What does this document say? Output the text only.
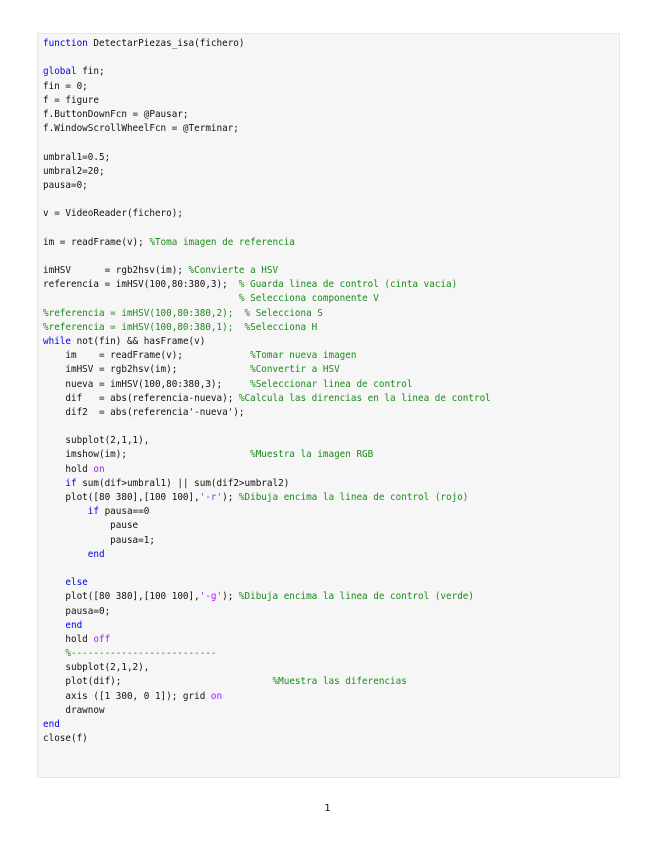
function DetectarPiezas_isa(fichero)
global fin;
fin = 0;
f = figure
f.ButtonDownFcn = @Pausar;
f.WindowScrollWheelFcn = @Terminar;
umbral1=0.5;
umbral2=20;
pausa=0;
v = VideoReader(fichero);
im = readFrame(v); %Toma imagen de referencia
imHSV      = rgb2hsv(im); %Convierte a HSV
referencia = imHSV(100,80:380,3);  % Guarda linea de control (cinta vacia)
% Selecciona componente V
%referencia = imHSV(100,80:380,2);  % Selecciona S
%referencia = imHSV(100,80:380,1);  %Selecciona H
while not(fin) && hasFrame(v)
im    = readFrame(v);            %Tomar nueva imagen
imHSV = rgb2hsv(im);             %Convertir a HSV
nueva = imHSV(100,80:380,3);     %Seleccionar linea de control
dif   = abs(referencia-nueva); %Calcula las direncias en la linea de control
dif2  = abs(referencia'-nueva');
subplot(2,1,1),
imshow(im);                      %Muestra la imagen RGB
hold on
if sum(dif>umbral1) || sum(dif2>umbral2)
plot([80 380],[100 100],'-r'); %Dibuja encima la linea de control (rojo)
if pausa==0
pause
pausa=1;
end
else
plot([80 380],[100 100],'-g'); %Dibuja encima la linea de control (verde)
pausa=0;
end
hold off
%--------------------------
subplot(2,1,2),
plot(dif);                           %Muestra las diferencias
axis ([1 300, 0 1]); grid on
drawnow
end
close(f)
1
